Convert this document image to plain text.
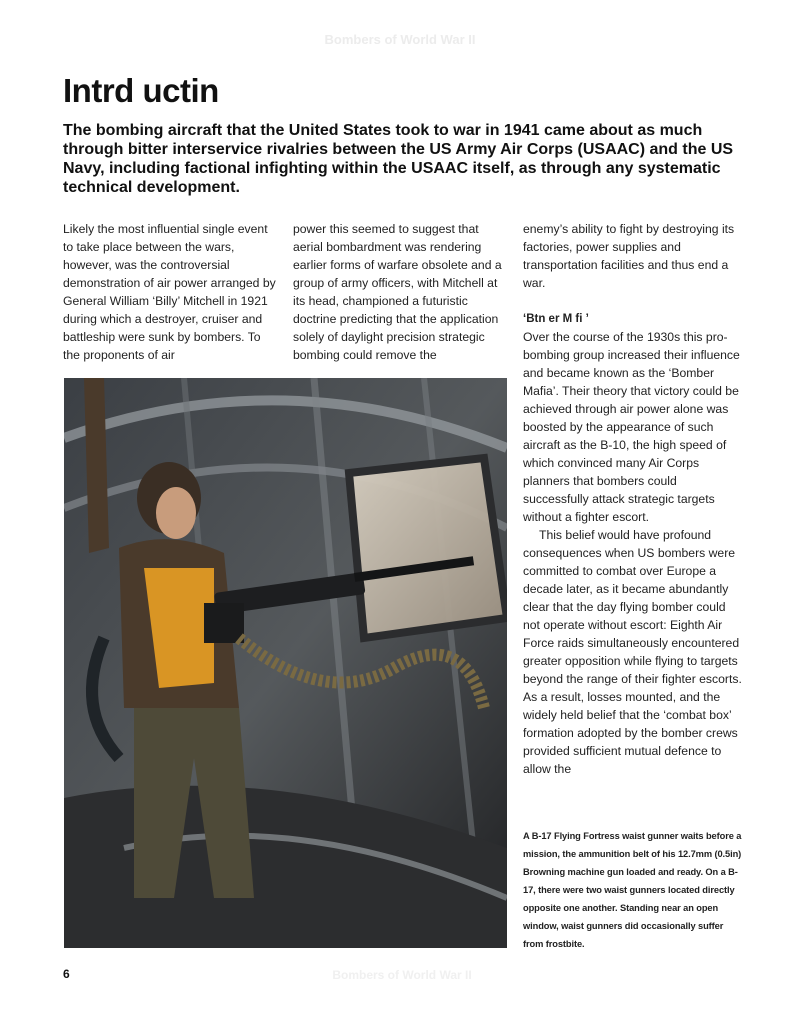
Bombers of World War II
Intrd uctin

The bombing aircraft that the United States took to war in 1941 came about as much through bitter interservice rivalries between the US Army Air Corps (USAAC) and the US Navy, including factional infighting within the USAAC itself, as through any systematic technical development.

Likely the most influential single event to take place between the wars, however, was the controversial demonstration of air power arranged by General William ‘Billy’ Mitchell in 1921 during which a destroyer, cruiser and battleship were sunk by bombers. To the proponents of air

power this seemed to suggest that aerial bombardment was rendering earlier forms of warfare obsolete and a group of army officers, with Mitchell at its head, championed a futuristic doctrine predicting that the application solely of daylight precision strategic bombing could remove the

enemy’s ability to fight by destroying its factories, power supplies and transportation facilities and thus end a war.

‘Btn er M fi ’

Over the course of the 1930s this pro-bombing group increased their influence and became known as the ‘Bomber Mafia’. Their theory that victory could be achieved through air power alone was boosted by the appearance of such aircraft as the B-10, the high speed of which convinced many Air Corps planners that bombers could successfully attack strategic targets without a fighter escort.

This belief would have profound consequences when US bombers were committed to combat over Europe a decade later, as it became abundantly clear that the day flying bomber could not operate without escort: Eighth Air Force raids simultaneously encountered greater opposition while flying to targets beyond the range of their fighter escorts. As a result, losses mounted, and the widely held belief that the ‘combat box’ formation adopted by the bomber crews provided sufficient mutual defence to allow the

A B-17 Flying Fortress waist gunner waits before a mission, the ammunition belt of his 12.7mm (0.5in) Browning machine gun loaded and ready. On a B-17, there were two waist gunners located directly opposite one another. Standing near an open window, waist gunners did occasionally suffer from frostbite.
6	Bombers of World War II
